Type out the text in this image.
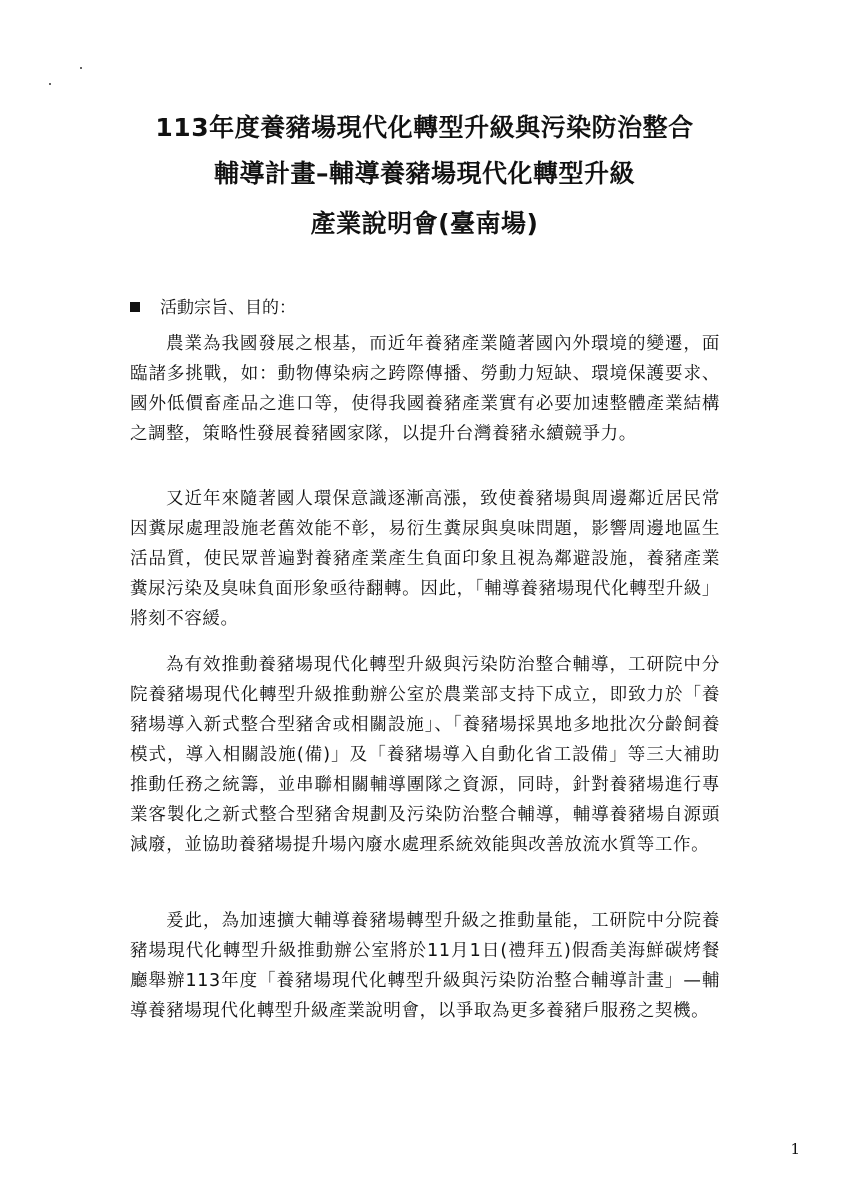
113年度養豬場現代化轉型升級與污染防治整合
輔導計畫–輔導養豬場現代化轉型升級
產業說明會(臺南場)
活動宗旨、目的：

農業為我國發展之根基，而近年養豬產業隨著國內外環境的變遷，面臨諸多挑戰，如：動物傳染病之跨際傳播、勞動力短缺、環境保護要求、國外低價畜產品之進口等，使得我國養豬產業實有必要加速整體產業結構之調整，策略性發展養豬國家隊，以提升台灣養豬永續競爭力。

又近年來隨著國人環保意識逐漸高漲，致使養豬場與周邊鄰近居民常因糞尿處理設施老舊效能不彰，易衍生糞尿與臭味問題，影響周邊地區生活品質，使民眾普遍對養豬產業產生負面印象且視為鄰避設施，養豬產業糞尿污染及臭味負面形象亟待翻轉。因此，「輔導養豬場現代化轉型升級」將刻不容緩。

為有效推動養豬場現代化轉型升級與污染防治整合輔導，工研院中分院養豬場現代化轉型升級推動辦公室於農業部支持下成立，即致力於「養豬場導入新式整合型豬舍或相關設施」、「養豬場採異地多地批次分齡飼養模式，導入相關設施(備)」及「養豬場導入自動化省工設備」等三大補助推動任務之統籌，並串聯相關輔導團隊之資源，同時，針對養豬場進行專業客製化之新式整合型豬舍規劃及污染防治整合輔導，輔導養豬場自源頭減廢，並協助養豬場提升場內廢水處理系統效能與改善放流水質等工作。

爰此，為加速擴大輔導養豬場轉型升級之推動量能，工研院中分院養豬場現代化轉型升級推動辦公室將於11月1日(禮拜五)假喬美海鮮碳烤餐廳舉辦113年度「養豬場現代化轉型升級與污染防治整合輔導計畫」—輔導養豬場現代化轉型升級產業說明會，以爭取為更多養豬戶服務之契機。

1
